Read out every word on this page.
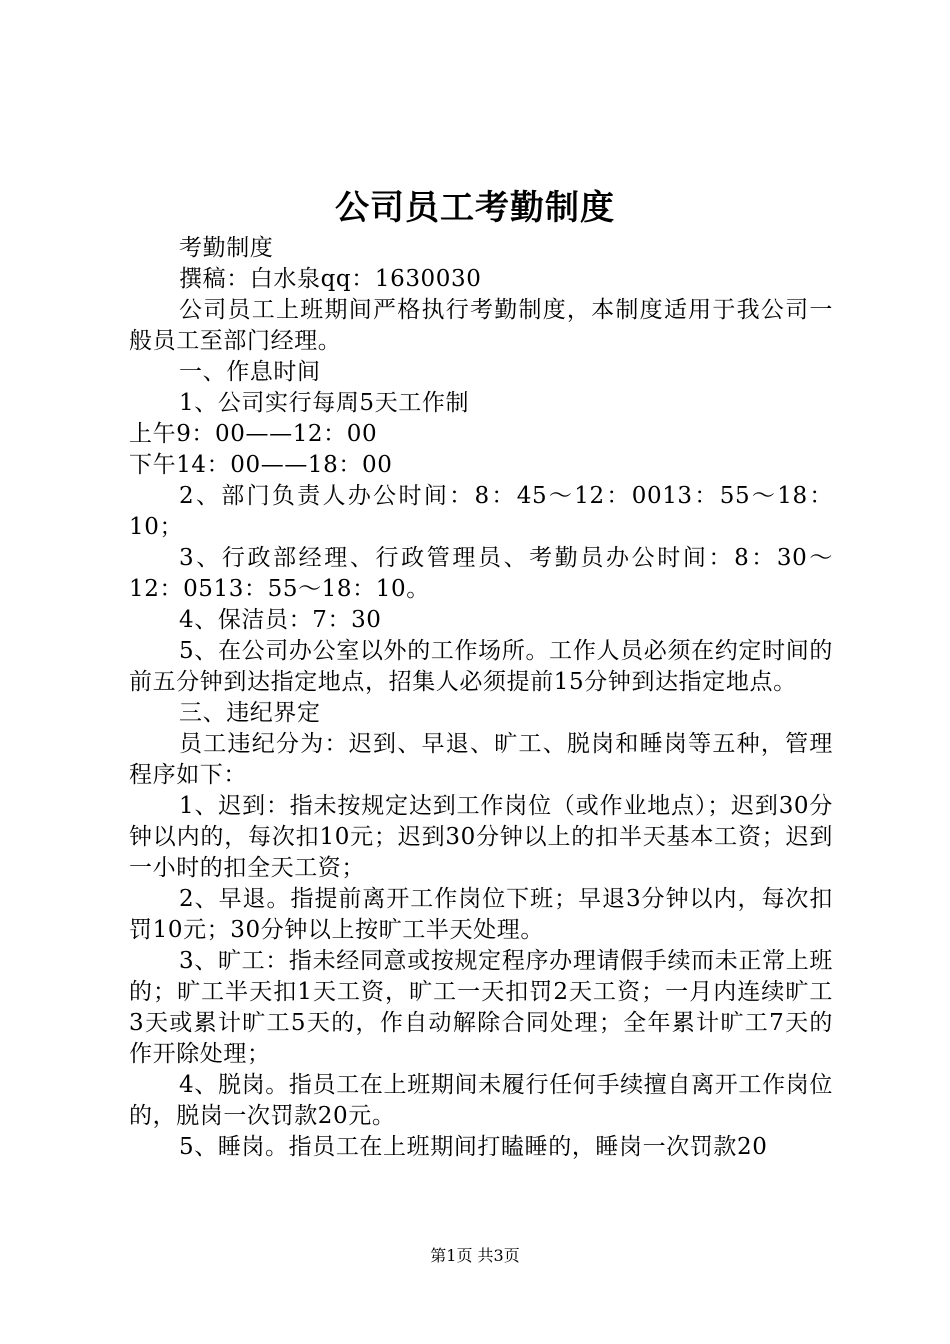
公司员工考勤制度

考勤制度

撰稿：白水泉qq：1630030

公司员工上班期间严格执行考勤制度，本制度适用于我公司一般员工至部门经理。

一、作息时间

1、公司实行每周5天工作制

上午9：00——12：00

下午14：00——18：00

2、部门负责人办公时间：8：45～12：0013：55～18：10；

3、行政部经理、行政管理员、考勤员办公时间：8：30～12：0513：55～18：10。

4、保洁员：7：30

5、在公司办公室以外的工作场所。工作人员必须在约定时间的前五分钟到达指定地点，招集人必须提前15分钟到达指定地点。

三、违纪界定

员工违纪分为：迟到、早退、旷工、脱岗和睡岗等五种，管理程序如下：

1、迟到：指未按规定达到工作岗位（或作业地点）；迟到30分钟以内的，每次扣10元；迟到30分钟以上的扣半天基本工资；迟到一小时的扣全天工资；

2、早退。指提前离开工作岗位下班；早退3分钟以内，每次扣罚10元；30分钟以上按旷工半天处理。

3、旷工：指未经同意或按规定程序办理请假手续而未正常上班的；旷工半天扣1天工资，旷工一天扣罚2天工资；一月内连续旷工3天或累计旷工5天的，作自动解除合同处理；全年累计旷工7天的作开除处理；

4、脱岗。指员工在上班期间未履行任何手续擅自离开工作岗位的，脱岗一次罚款20元。

5、睡岗。指员工在上班期间打瞌睡的，睡岗一次罚款20

第1页 共3页
